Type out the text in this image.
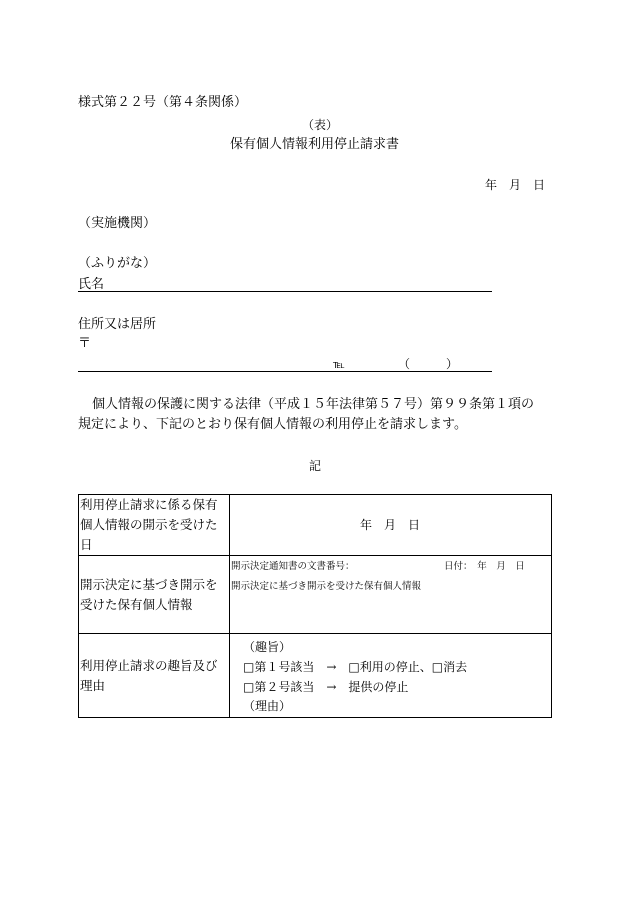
様式第２２号（第４条関係）
（表）
保有個人情報利用停止請求書
年　月　日
（実施機関）
（ふりがな）
氏名
住所又は居所
〒
℡	（　　　）
個人情報の保護に関する法律（平成１５年法律第５７号）第９９条第１項の
規定により、下記のとおり保有個人情報の利用停止を請求します。
記
利用停止請求に係る保有個人情報の開示を受けた日	年　月　日

開示決定に基づき開示を受けた保有個人情報	開示決定通知書の文書番号： 日付：　年　月　日
開示決定に基づき開示を受けた保有個人情報

利用停止請求の趣旨及び理由	（趣旨）
□第１号該当　→　□利用の停止、□消去
□第２号該当　→　提供の停止
（理由）
